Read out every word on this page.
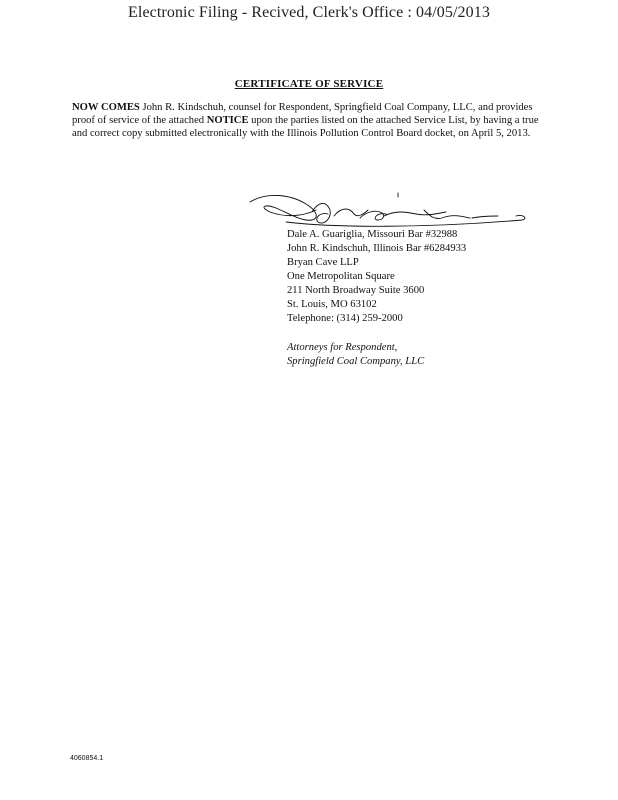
Electronic Filing - Recived, Clerk's Office : 04/05/2013
CERTIFICATE OF SERVICE
NOW COMES John R. Kindschuh, counsel for Respondent, Springfield Coal Company, LLC, and provides proof of service of the attached NOTICE upon the parties listed on the attached Service List, by having a true and correct copy submitted electronically with the Illinois Pollution Control Board docket, on April 5, 2013.
Dale A. Guariglia, Missouri Bar #32988
John R. Kindschuh, Illinois Bar #6284933
Bryan Cave LLP
One Metropolitan Square
211 North Broadway Suite 3600
St. Louis, MO 63102
Telephone: (314) 259-2000
Attorneys for Respondent,
Springfield Coal Company, LLC
4060854.1
